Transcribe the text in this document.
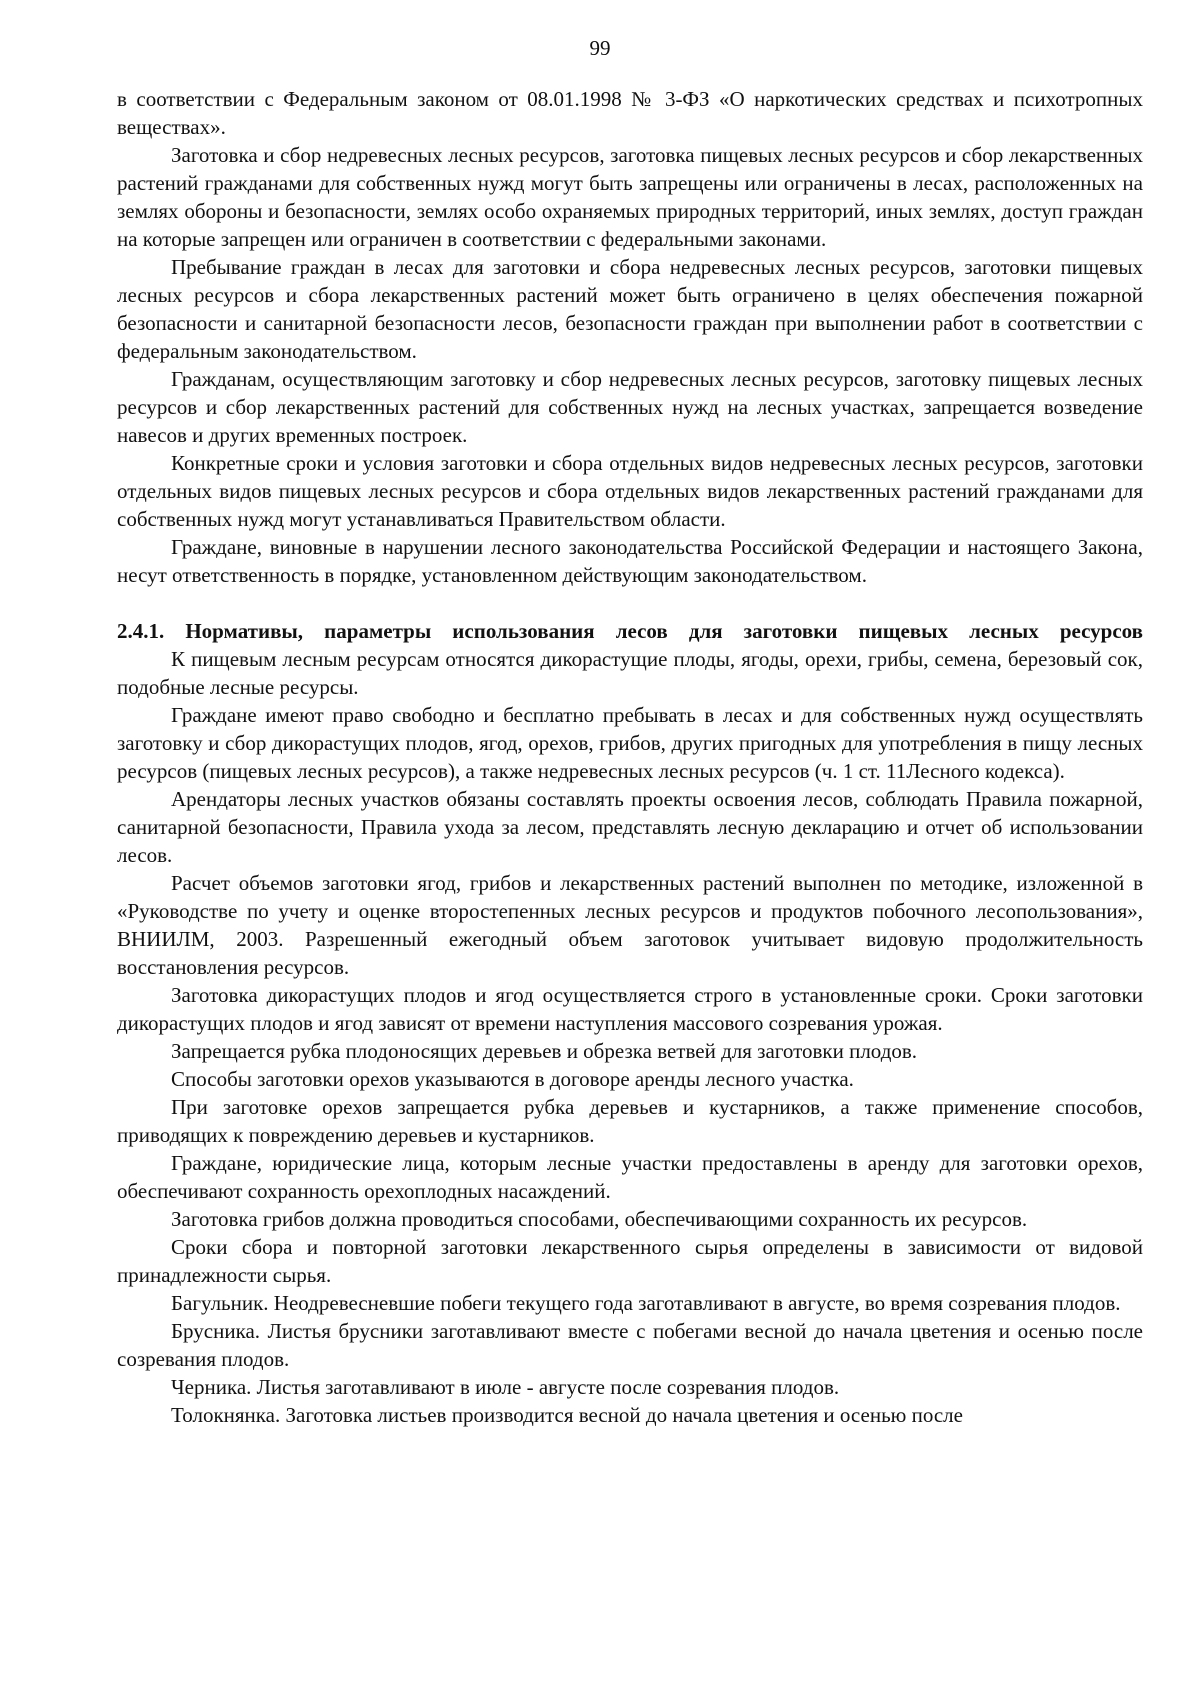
99

в соответствии с Федеральным законом от 08.01.1998 № 3-ФЗ «О наркотических средствах и психотропных веществах».

Заготовка и сбор недревесных лесных ресурсов, заготовка пищевых лесных ресурсов и сбор лекарственных растений гражданами для собственных нужд могут быть запрещены или ограничены в лесах, расположенных на землях обороны и безопасности, землях особо охраняемых природных территорий, иных землях, доступ граждан на которые запрещен или ограничен в соответствии с федеральными законами.

Пребывание граждан в лесах для заготовки и сбора недревесных лесных ресурсов, заготовки пищевых лесных ресурсов и сбора лекарственных растений может быть ограничено в целях обеспечения пожарной безопасности и санитарной безопасности лесов, безопасности граждан при выполнении работ в соответствии с федеральным законодательством.

Гражданам, осуществляющим заготовку и сбор недревесных лесных ресурсов, заготовку пищевых лесных ресурсов и сбор лекарственных растений для собственных нужд на лесных участках, запрещается возведение навесов и других временных построек.

Конкретные сроки и условия заготовки и сбора отдельных видов недревесных лесных ресурсов, заготовки отдельных видов пищевых лесных ресурсов и сбора отдельных видов лекарственных растений гражданами для собственных нужд могут устанавливаться Правительством области.

Граждане, виновные в нарушении лесного законодательства Российской Федерации и настоящего Закона, несут ответственность в порядке, установленном действующим законодательством.

2.4.1. Нормативы, параметры использования лесов для заготовки пищевых лесных ресурсов

К пищевым лесным ресурсам относятся дикорастущие плоды, ягоды, орехи, грибы, семена, березовый сок, подобные лесные ресурсы.

Граждане имеют право свободно и бесплатно пребывать в лесах и для собственных нужд осуществлять заготовку и сбор дикорастущих плодов, ягод, орехов, грибов, других пригодных для употребления в пищу лесных ресурсов (пищевых лесных ресурсов), а также недревесных лесных ресурсов (ч. 1 ст. 11Лесного кодекса).

Арендаторы лесных участков обязаны составлять проекты освоения лесов, соблюдать Правила пожарной, санитарной безопасности, Правила ухода за лесом, представлять лесную декларацию и отчет об использовании лесов.

Расчет объемов заготовки ягод, грибов и лекарственных растений выполнен по методике, изложенной в «Руководстве по учету и оценке второстепенных лесных ресурсов и продуктов побочного лесопользования», ВНИИЛМ, 2003. Разрешенный ежегодный объем заготовок учитывает видовую продолжительность восстановления ресурсов.

Заготовка дикорастущих плодов и ягод осуществляется строго в установленные сроки. Сроки заготовки дикорастущих плодов и ягод зависят от времени наступления массового созревания урожая.

Запрещается рубка плодоносящих деревьев и обрезка ветвей для заготовки плодов.

Способы заготовки орехов указываются в договоре аренды лесного участка.

При заготовке орехов запрещается рубка деревьев и кустарников, а также применение способов, приводящих к повреждению деревьев и кустарников.

Граждане, юридические лица, которым лесные участки предоставлены в аренду для заготовки орехов, обеспечивают сохранность орехоплодных насаждений.

Заготовка грибов должна проводиться способами, обеспечивающими сохранность их ресурсов.

Сроки сбора и повторной заготовки лекарственного сырья определены в зависимости от видовой принадлежности сырья.

Багульник. Неодревесневшие побеги текущего года заготавливают в августе, во время созревания плодов.

Брусника. Листья брусники заготавливают вместе с побегами весной до начала цветения и осенью после созревания плодов.

Черника. Листья заготавливают в июле - августе после созревания плодов.

Толокнянка. Заготовка листьев производится весной до начала цветения и осенью после
